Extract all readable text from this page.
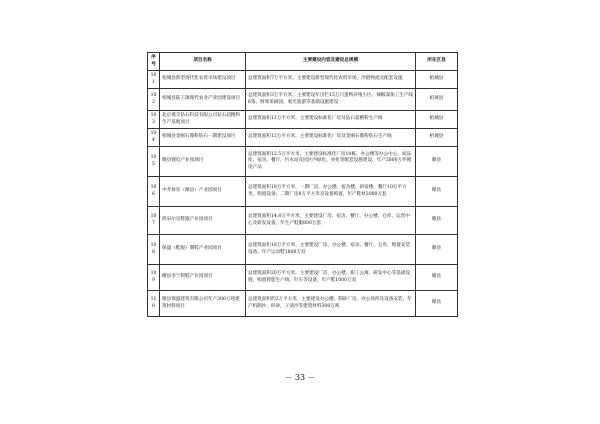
序号	项目名称	主要建设内容及建设总规模	所在区县
101	栢城县新型现代化农贸市场建设项目	总建筑面积7万平方米，主要建设新型现代化农贸市场，冷链物流及配套设施	栢城县
102	栢城县陆王镇现代农业产业园建设项目	总建筑面积3万平方米，主要建设年出栏15万只蛋鸭养殖小区、辣椒深加工生产线6条、鲜果采摘园、观光旅游等基础设施建设	栢城县
103	北京燕丰钻石科技有限公司钻石超精粉生产基地项目	总建筑面积11万平方米，主要建设标准化厂房及钻石超精粉生产线	栢城县
104	栢城县金刚石微粉钻石一期建设项目	总建筑面积12万平方米，主要建设标准化厂房及金刚石微粉钻石生产线	栢城县
105	睢县锂电产业园项目	总建筑面积12.5万平方米，主要建设标准化厂房10栋、办公楼等办公中心，成品库、宿舍、餐厅，污水站及园区内绿化、亮化等配套设施建设，年产2800万件锂电产品	睢县
106	中乔体育（睢县）产业园项目	总建筑面积18万平方米，一期厂房、办公楼、宿舍楼、研发楼、餐厅10万平方米，购置设备；二期厂房8万平方米及设备购置，年产鞋材2000万套	睢县
107	鸿泉尔克鞋服产业园项目	总建筑面积14.8万平方米，主要建设厂房、宿舍、餐厅、办公楼、仓库、运营中心及研发设备，年生产鞋服800万套	睢县
108	保盛（鞋服）制鞋产业园项目	总建筑面积18万平方米，主要建设厂房、办公楼、宿舍、餐厅、仓库，购置安装设备，年产运动鞋1800万双	睢县
109	睢县李宁制鞋产业园项目	总建筑面积20万平方米，主要建设厂房、办公楼、职工公寓、研发中心等基础设施，购置智能生产线、针车等设备，年产鞋1000万双	睢县
110	睢县保盛建筑有限公司年产300万吨建筑材料项目	总建筑面积约2万平方米，主要建设办公楼、制砂厂房、办公场所及设备安装，年产机制沙、碎砂，子渣沙等建筑材料300万吨	睢县
－ 33 －
